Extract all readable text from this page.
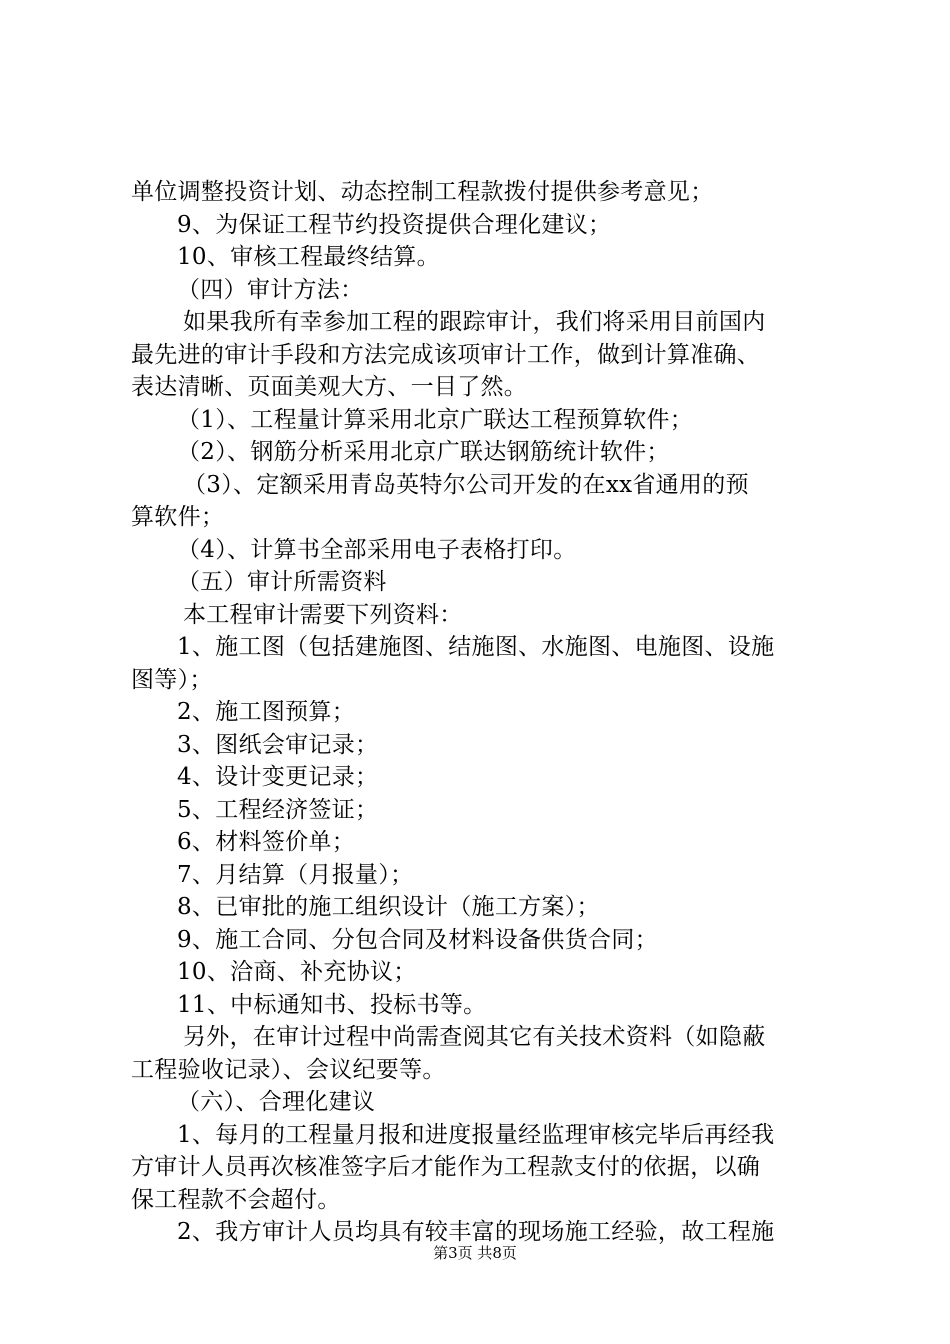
单位调整投资计划、动态控制工程款拨付提供参考意见；
9、为保证工程节约投资提供合理化建议；
10、审核工程最终结算。
（四）审计方法：
如果我所有幸参加工程的跟踪审计，我们将采用目前国内
最先进的审计手段和方法完成该项审计工作，做到计算准确、
表达清晰、页面美观大方、一目了然。
（1）、工程量计算采用北京广联达工程预算软件；
（2）、钢筋分析采用北京广联达钢筋统计软件；
（3）、定额采用青岛英特尔公司开发的在xx省通用的预
算软件；
（4）、计算书全部采用电子表格打印。
（五）审计所需资料
本工程审计需要下列资料：
1、施工图（包括建施图、结施图、水施图、电施图、设施
图等）；
2、施工图预算；
3、图纸会审记录；
4、设计变更记录；
5、工程经济签证；
6、材料签价单；
7、月结算（月报量）；
8、已审批的施工组织设计（施工方案）；
9、施工合同、分包合同及材料设备供货合同；
10、洽商、补充协议；
11、中标通知书、投标书等。
另外，在审计过程中尚需查阅其它有关技术资料（如隐蔽
工程验收记录）、会议纪要等。
（六）、合理化建议
1、每月的工程量月报和进度报量经监理审核完毕后再经我
方审计人员再次核准签字后才能作为工程款支付的依据，以确
保工程款不会超付。
2、我方审计人员均具有较丰富的现场施工经验，故工程施
第3页 共8页
